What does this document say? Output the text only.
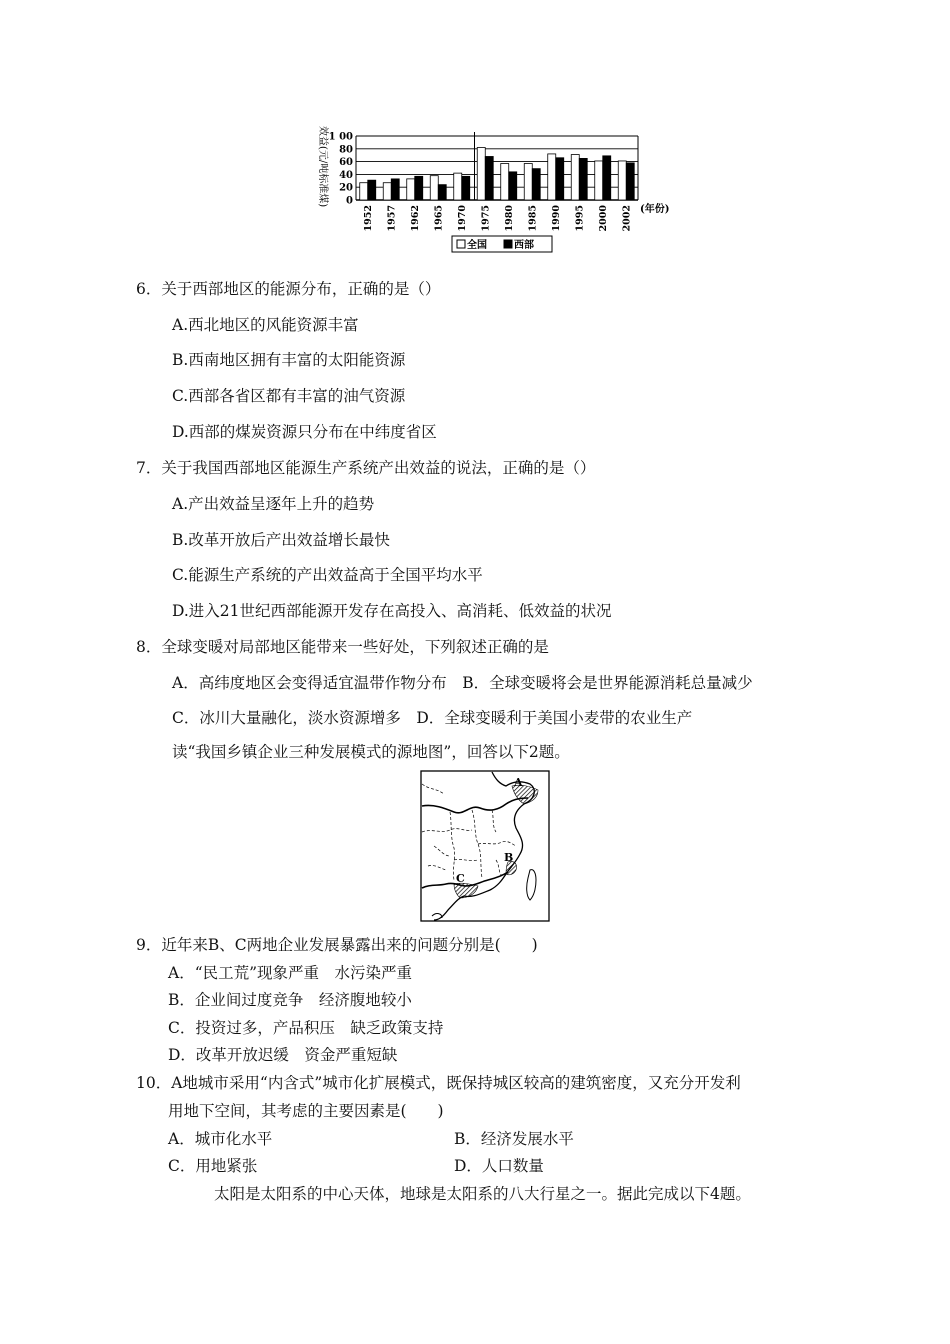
效益(元/吨标准煤) 0
20
40
60
80
1 00
1952 1957 1962 1965 1970 1975 1980 1985 1990 1995 2000 2002 (年份)
全国	西部
6．关于西部地区的能源分布，正确的是（）
A.西北地区的风能资源丰富
B.西南地区拥有丰富的太阳能资源
C.西部各省区都有丰富的油气资源
D.西部的煤炭资源只分布在中纬度省区
7．关于我国西部地区能源生产系统产出效益的说法，正确的是（）
A.产出效益呈逐年上升的趋势
B.改革开放后产出效益增长最快
C.能源生产系统的产出效益高于全国平均水平
D.进入21世纪西部能源开发存在高投入、高消耗、低效益的状况
8．全球变暖对局部地区能带来一些好处，下列叙述正确的是
A．高纬度地区会变得适宜温带作物分布　B．全球变暖将会是世界能源消耗总量减少
C．冰川大量融化，淡水资源增多　D．全球变暖利于美国小麦带的农业生产
读“我国乡镇企业三种发展模式的源地图”，回答以下2题。
A
B
C
9．近年来B、C两地企业发展暴露出来的问题分别是(　　)
A．“民工荒”现象严重　水污染严重
B．企业间过度竞争　经济腹地较小
C．投资过多，产品积压　缺乏政策支持
D．改革开放迟缓　资金严重短缺
10．A地城市采用“内含式”城市化扩展模式，既保持城区较高的建筑密度，又充分开发利
用地下空间，其考虑的主要因素是(　　)
A．城市化水平	B．经济发展水平
C．用地紧张	D．人口数量
太阳是太阳系的中心天体，地球是太阳系的八大行星之一。据此完成以下4题。
